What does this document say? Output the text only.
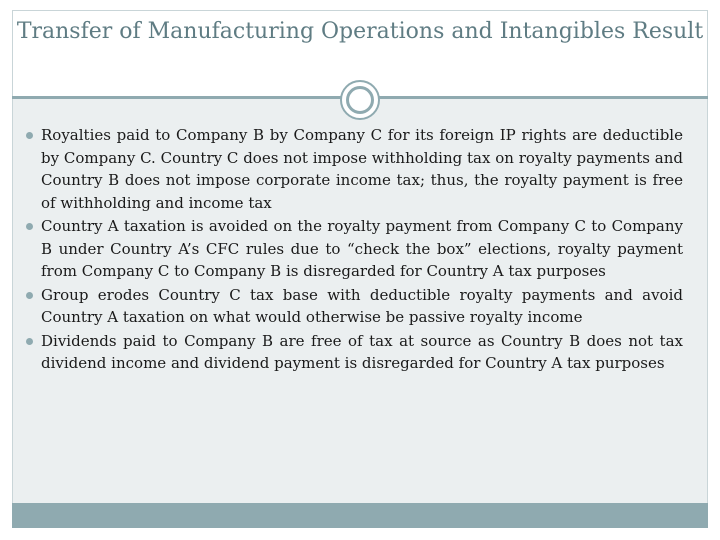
Transfer of Manufacturing Operations and Intangibles Result
Royalties paid to Company B by Company C for its foreign IP rights are deductible by Company C. Country C does not impose withholding tax on royalty payments and Country B does not impose corporate income tax; thus, the royalty payment is free of withholding and income tax
Country A taxation is avoided on the royalty payment from Company C to Company B under Country A’s CFC rules due to “check the box” elections, royalty payment from Company C to Company B is disregarded for Country A tax purposes
Group erodes Country C tax base with deductible royalty payments and avoid Country A taxation on what would otherwise be passive royalty income
Dividends paid to Company B are free of tax at source as Country B does not tax dividend income and dividend payment is disregarded for Country A tax purposes
